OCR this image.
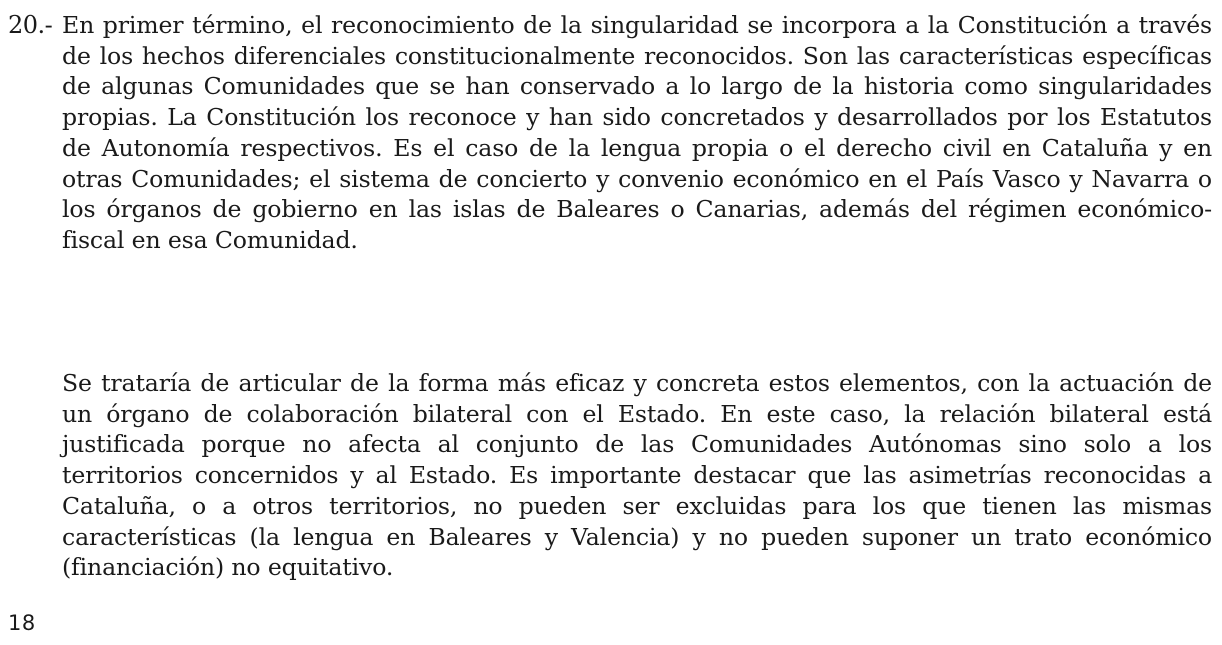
20.- En primer término, el reconocimiento de la singularidad se incorpora a la Constitución a través de los hechos diferenciales constitucionalmente reconocidos. Son las características específicas de algunas Comunidades que se han conservado a lo largo de la historia como singularidades propias. La Constitución los reconoce y han sido concretados y desarrollados por los Estatutos de Autonomía respectivos. Es el caso de la lengua propia o el derecho civil en Cataluña y en otras Comunidades; el sistema de concierto y convenio económico en el País Vasco y Navarra o los órganos de gobierno en las islas de Baleares o Canarias, además del régimen económico-fiscal en esa Comunidad.

Se trataría de articular de la forma más eficaz y concreta estos elementos, con la actuación de un órgano de colaboración bilateral con el Estado. En este caso, la relación bilateral está justificada porque no afecta al conjunto de las Comunidades Autónomas sino solo a los territorios concernidos y al Estado. Es importante destacar que las asimetrías reconocidas a Cataluña, o a otros territorios, no pueden ser excluidas para los que tienen las mismas características (la lengua en Baleares y Valencia) y no pueden suponer un trato económico (financiación) no equitativo.

18
